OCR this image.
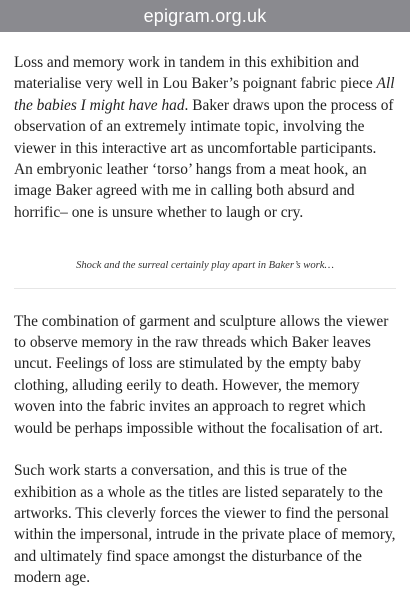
epigram.org.uk

Loss and memory work in tandem in this exhibition and materialise very well in Lou Baker’s poignant fabric piece All the babies I might have had. Baker draws upon the process of observation of an extremely intimate topic, involving the viewer in this interactive art as uncomfortable participants. An embryonic leather ‘torso’ hangs from a meat hook, an image Baker agreed with me in calling both absurd and horrific– one is unsure whether to laugh or cry.

Shock and the surreal certainly play apart in Baker’s work…

The combination of garment and sculpture allows the viewer to observe memory in the raw threads which Baker leaves uncut. Feelings of loss are stimulated by the empty baby clothing, alluding eerily to death. However, the memory woven into the fabric invites an approach to regret which would be perhaps impossible without the focalisation of art.

Such work starts a conversation, and this is true of the exhibition as a whole as the titles are listed separately to the artworks. This cleverly forces the viewer to find the personal within the impersonal, intrude in the private place of memory, and ultimately find space amongst the disturbance of the modern age.
